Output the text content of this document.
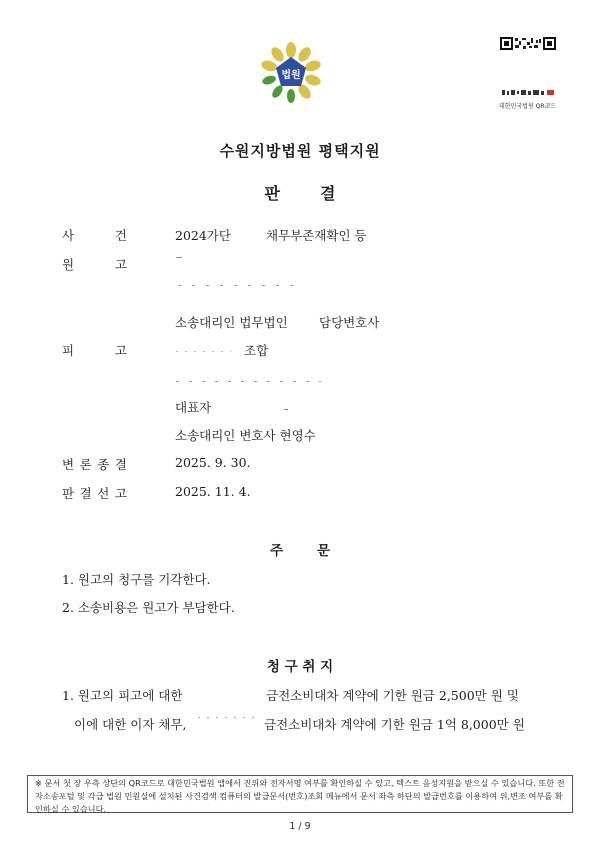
법원
대한민국법원 QR코드
수원지방법원 평택지원
판	결
사	건	2024가단	채무부존재확인 등
원	고
소송대리인 법무법인	담당변호사
피	고	조합
대표자
소송대리인 변호사 현영수
변 론 종 결	2025. 9. 30.
판 결 선 고	2025. 11. 4.
주	문
1. 원고의 청구를 기각한다.
2. 소송비용은 원고가 부담한다.
청 구 취 지
1. 원고의 피고에 대한	금전소비대차 계약에 기한 원금 2,500만 원 및
이에 대한 이자 채무,	금전소비대차 계약에 기한 원금 1억 8,000만 원
※ 문서 첫 장 우측 상단의 QR코드로 대한민국법원 앱에서 진위와 전자서명 여부를 확인하실 수 있고, 텍스트 음성지원을 받으실 수 있습니다. 또한 전자소송포털 및 각급 법원 민원실에 설치된 사건검색 컴퓨터의 발급문서(번호)조회 메뉴에서 문서 좌측 하단의 발급번호를 이용하여 위,변조 여부를 확인하실 수 있습니다.
1 / 9
